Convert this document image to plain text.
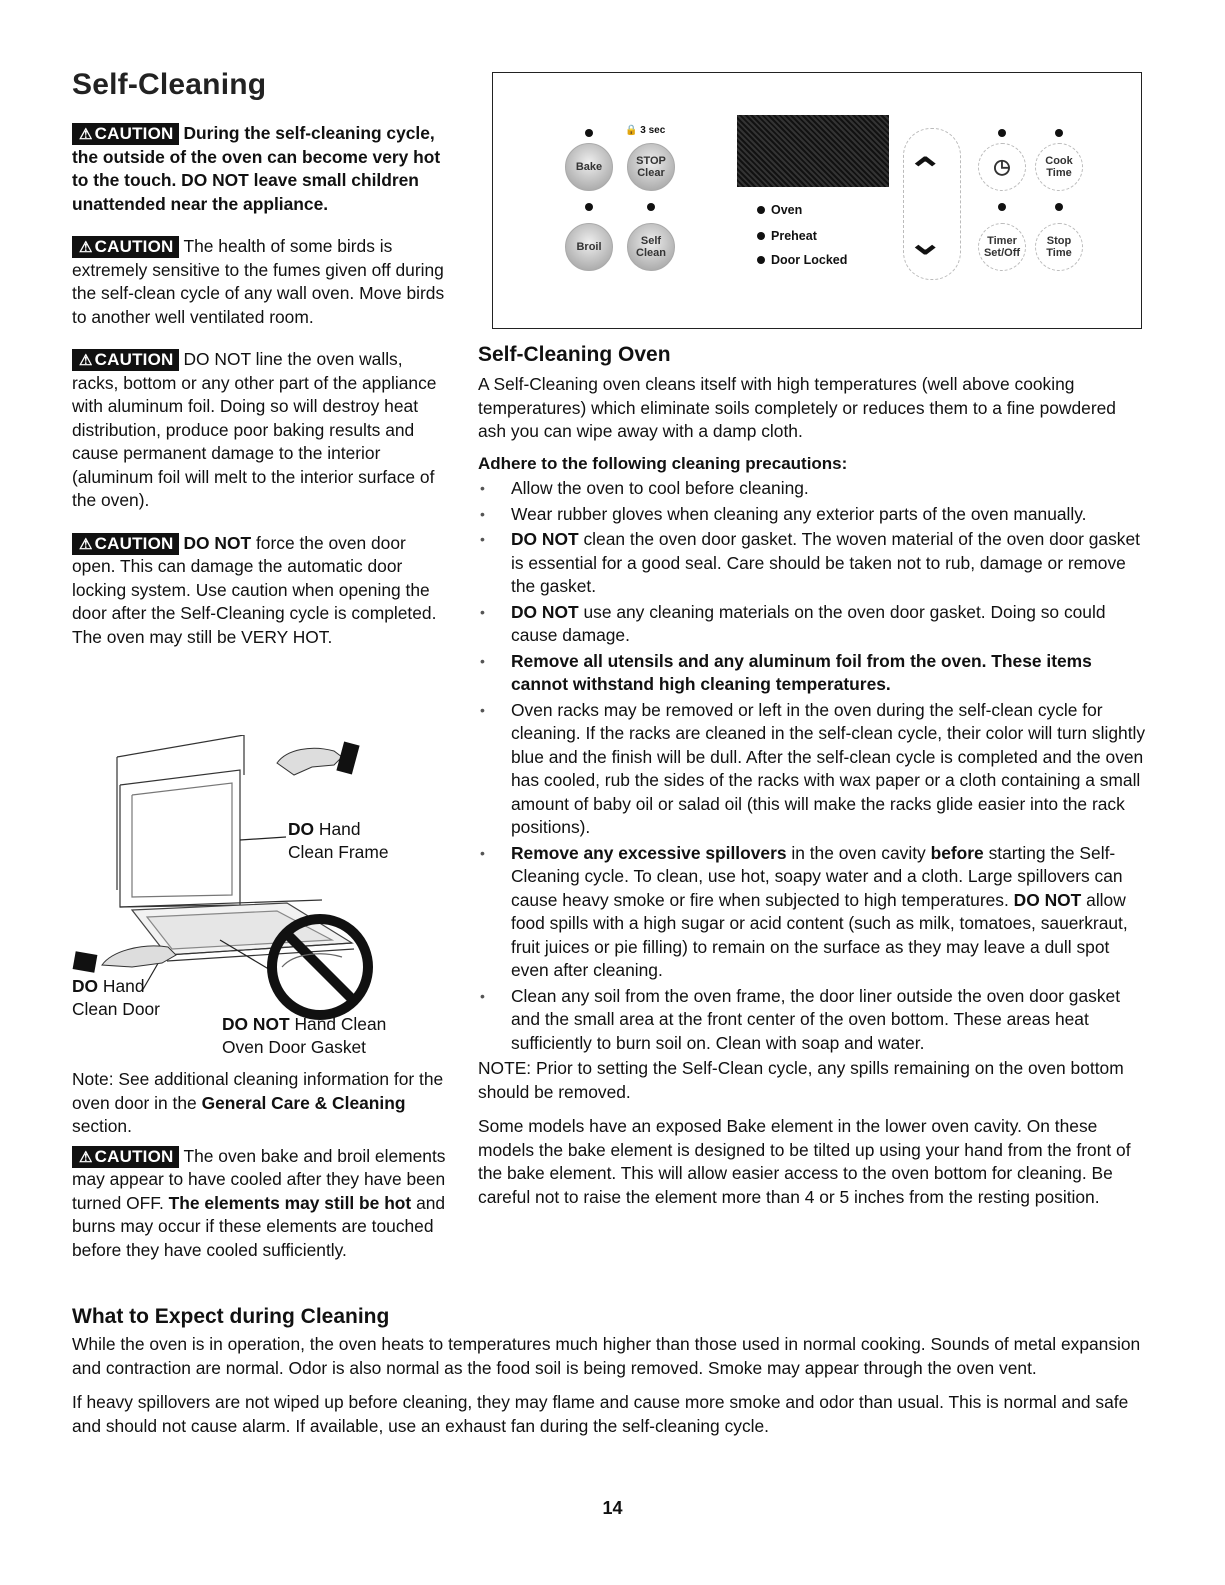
Self-Cleaning
⚠ CAUTION During the self-cleaning cycle, the outside of the oven can become very hot to the touch. DO NOT leave small children unattended near the appliance.
⚠ CAUTION The health of some birds is extremely sensitive to the fumes given off during the self-clean cycle of any wall oven. Move birds to another well ventilated room.
⚠ CAUTION DO NOT line the oven walls, racks, bottom or any other part of the appliance with aluminum foil. Doing so will destroy heat distribution, produce poor baking results and cause permanent damage to the interior (aluminum foil will melt to the interior surface of the oven).
⚠ CAUTION DO NOT force the oven door open. This can damage the automatic door locking system. Use caution when opening the door after the Self-Cleaning cycle is completed. The oven may still be VERY HOT.
DO Hand
Clean Frame
DO Hand
Clean Door
DO NOT Hand Clean
Oven Door Gasket
Note: See additional cleaning information for the oven door in the General Care & Cleaning section.
⚠ CAUTION The oven bake and broil elements may appear to have cooled after they have been turned OFF. The elements may still be hot and burns may occur if these elements are touched before they have cooled sufficiently.
🔒 3 sec
Bake	STOP Clear
Broil	Self Clean
Oven
Preheat
Door Locked
⌃
⌄
◷	Cook Time
Timer Set/Off
Stop Time
Self-Cleaning Oven
A Self-Cleaning oven cleans itself with high temperatures (well above cooking temperatures) which eliminate soils completely or reduces them to a fine powdered ash you can wipe away with a damp cloth.
Adhere to the following cleaning precautions:
• Allow the oven to cool before cleaning.
• Wear rubber gloves when cleaning any exterior parts of the oven manually.
• DO NOT clean the oven door gasket. The woven material of the oven door gasket is essential for a good seal. Care should be taken not to rub, damage or remove the gasket.
• DO NOT use any cleaning materials on the oven door gasket. Doing so could cause damage.
• Remove all utensils and any aluminum foil from the oven. These items cannot withstand high cleaning temperatures.
• Oven racks may be removed or left in the oven during the self-clean cycle for cleaning. If the racks are cleaned in the self-clean cycle, their color will turn slightly blue and the finish will be dull. After the self-clean cycle is completed and the oven has cooled, rub the sides of the racks with wax paper or a cloth containing a small amount of baby oil or salad oil (this will make the racks glide easier into the rack positions).
• Remove any excessive spillovers in the oven cavity before starting the Self-Cleaning cycle. To clean, use hot, soapy water and a cloth. Large spillovers can cause heavy smoke or fire when subjected to high temperatures. DO NOT allow food spills with a high sugar or acid content (such as milk, tomatoes, sauerkraut, fruit juices or pie filling) to remain on the surface as they may leave a dull spot even after cleaning.
• Clean any soil from the oven frame, the door liner outside the oven door gasket and the small area at the front center of the oven bottom. These areas heat sufficiently to burn soil on. Clean with soap and water.
NOTE: Prior to setting the Self-Clean cycle, any spills remaining on the oven bottom should be removed.
Some models have an exposed Bake element in the lower oven cavity. On these models the bake element is designed to be tilted up using your hand from the front of the bake element. This will allow easier access to the oven bottom for cleaning. Be careful not to raise the element more than 4 or 5 inches from the resting position.
What to Expect during Cleaning
While the oven is in operation, the oven heats to temperatures much higher than those used in normal cooking. Sounds of metal expansion and contraction are normal. Odor is also normal as the food soil is being removed. Smoke may appear through the oven vent.
If heavy spillovers are not wiped up before cleaning, they may flame and cause more smoke and odor than usual. This is normal and safe and should not cause alarm. If available, use an exhaust fan during the self-cleaning cycle.
14
